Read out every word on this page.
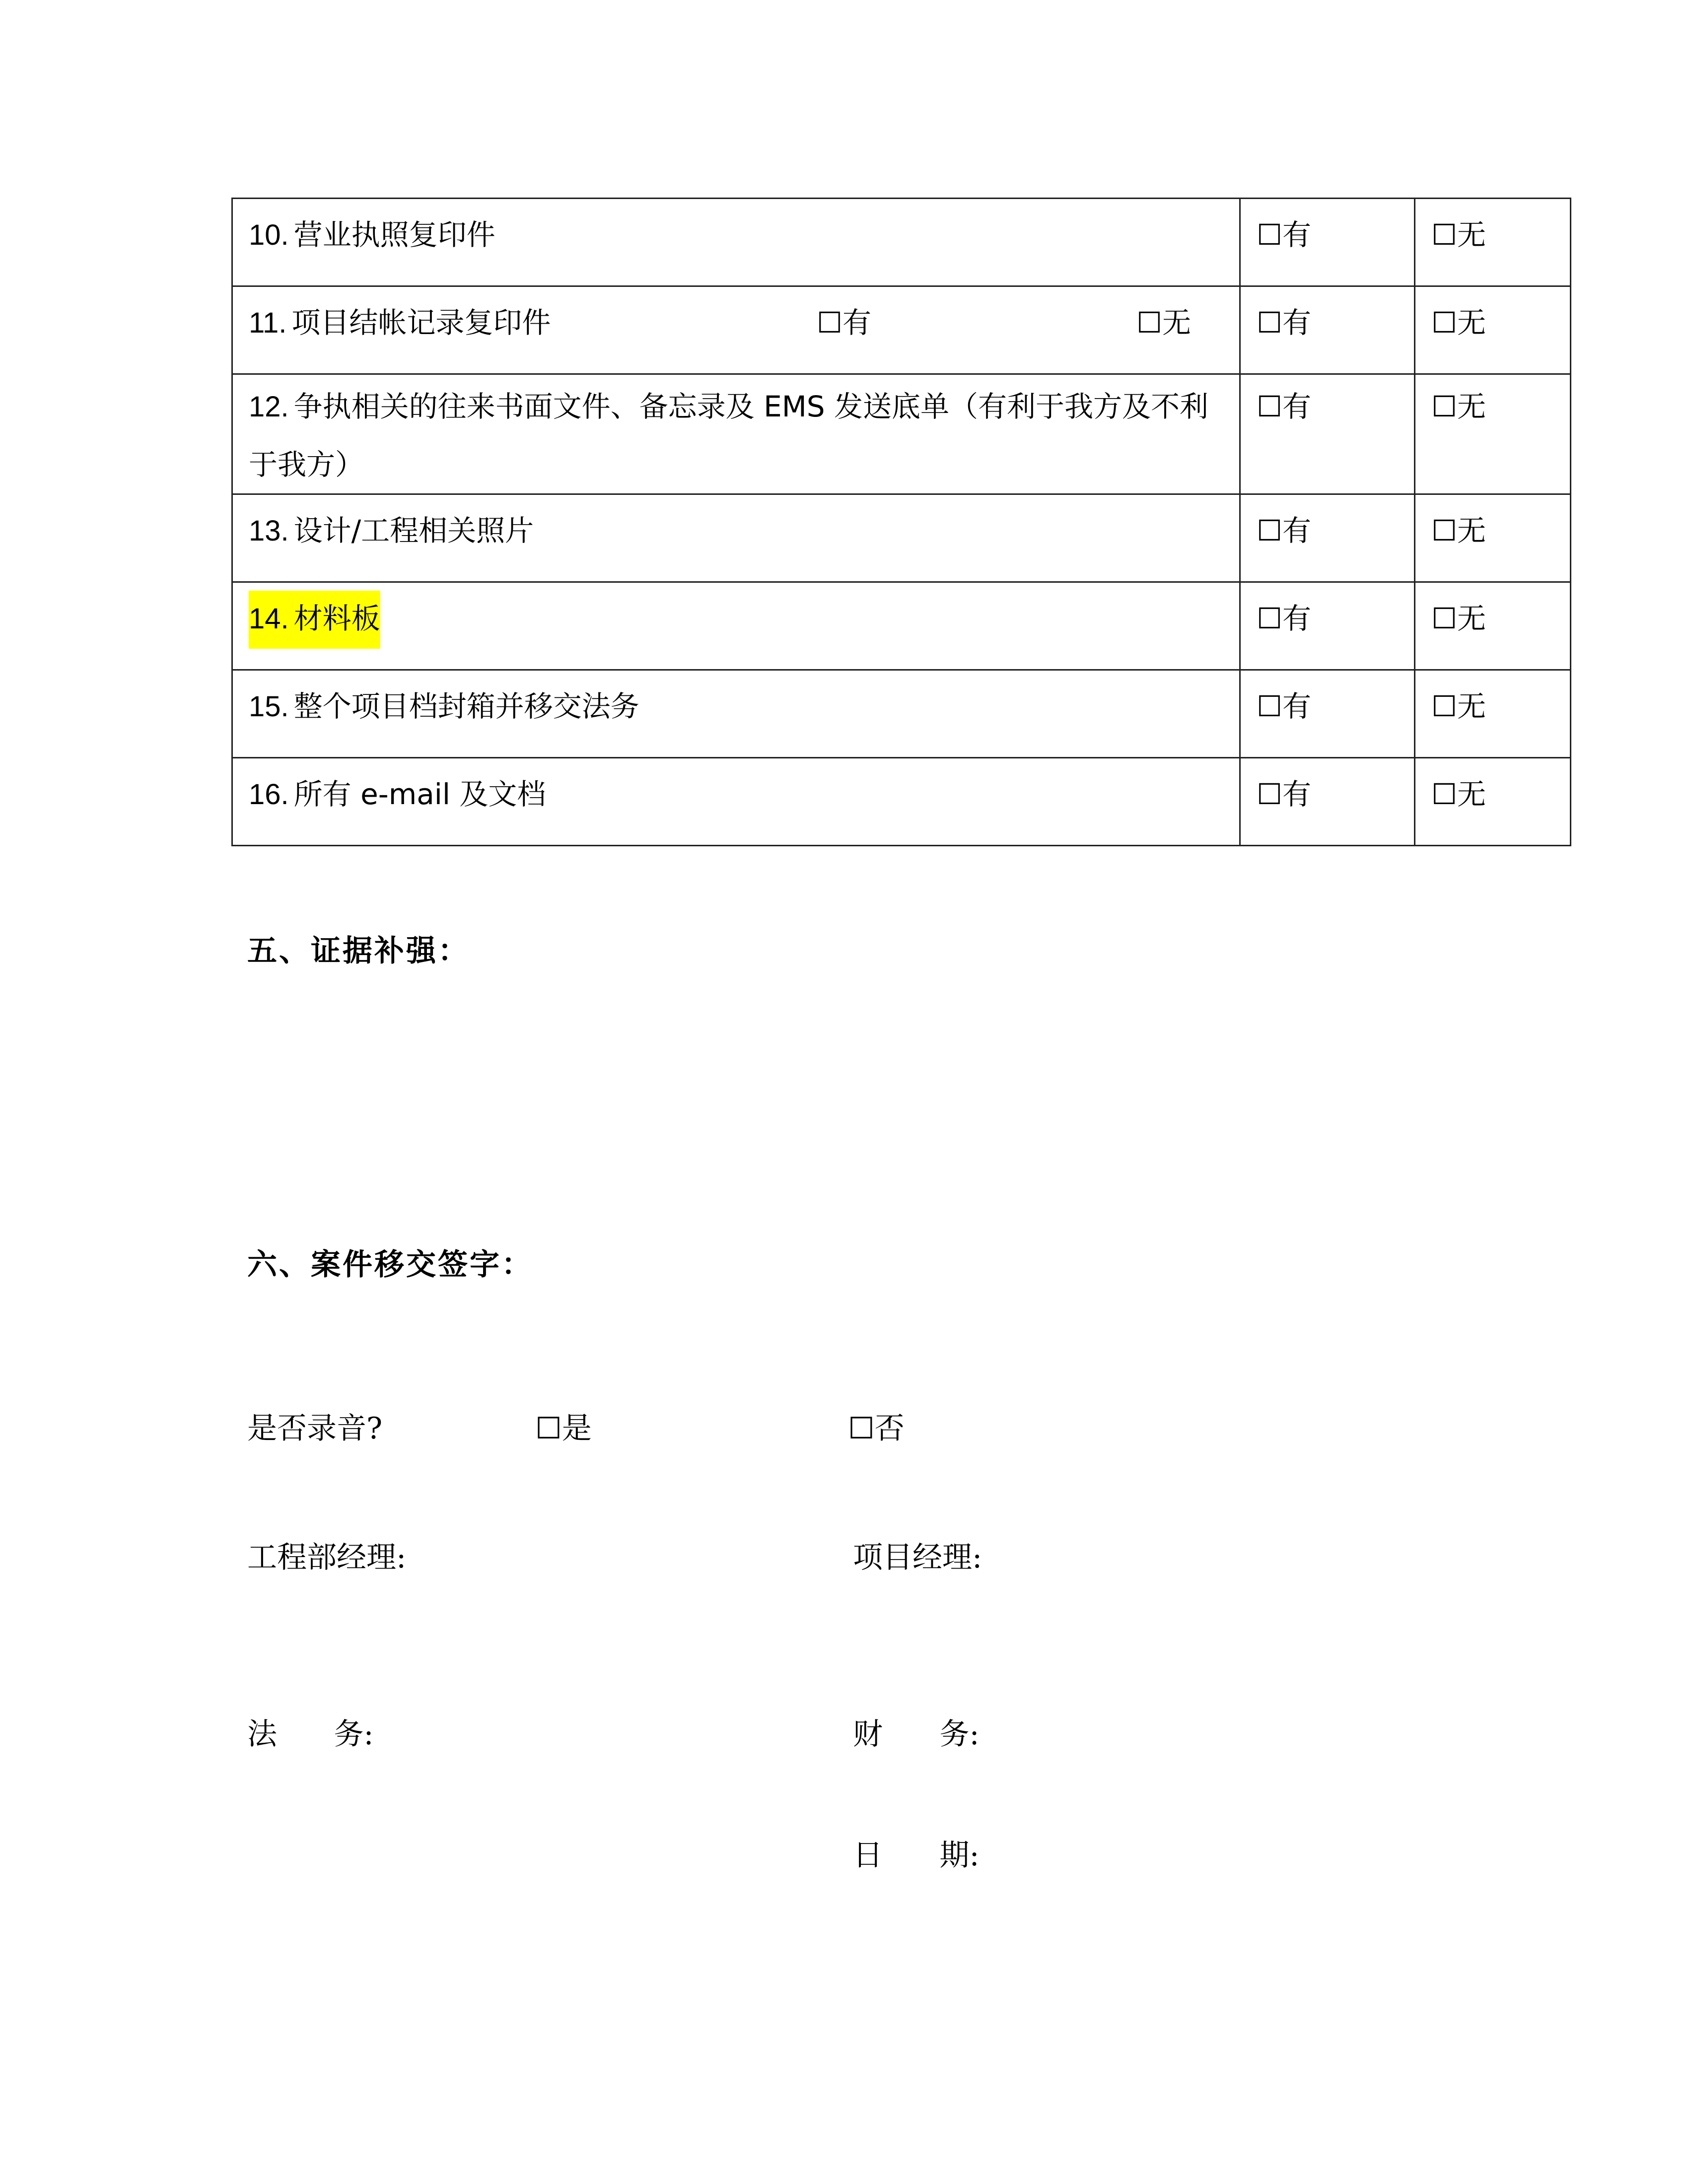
10. 营业执照复印件	☐有	☐无
11. 项目结帐记录复印件 ☐有 ☐无	☐有	☐无
12. 争执相关的往来书面文件、备忘录及 EMS 发送底单（有利于我方及不利于我方）	☐有	☐无
13. 设计/工程相关照片	☐有	☐无
14. 材料板	☐有	☐无
15. 整个项目档封箱并移交法务	☐有	☐无
16. 所有 e-mail 及文档	☐有	☐无
五、证据补强：
六、案件移交签字：
是否录音?	☐是	☐否
工程部经理:	项目经理:
法      务:	财      务:
日      期:
